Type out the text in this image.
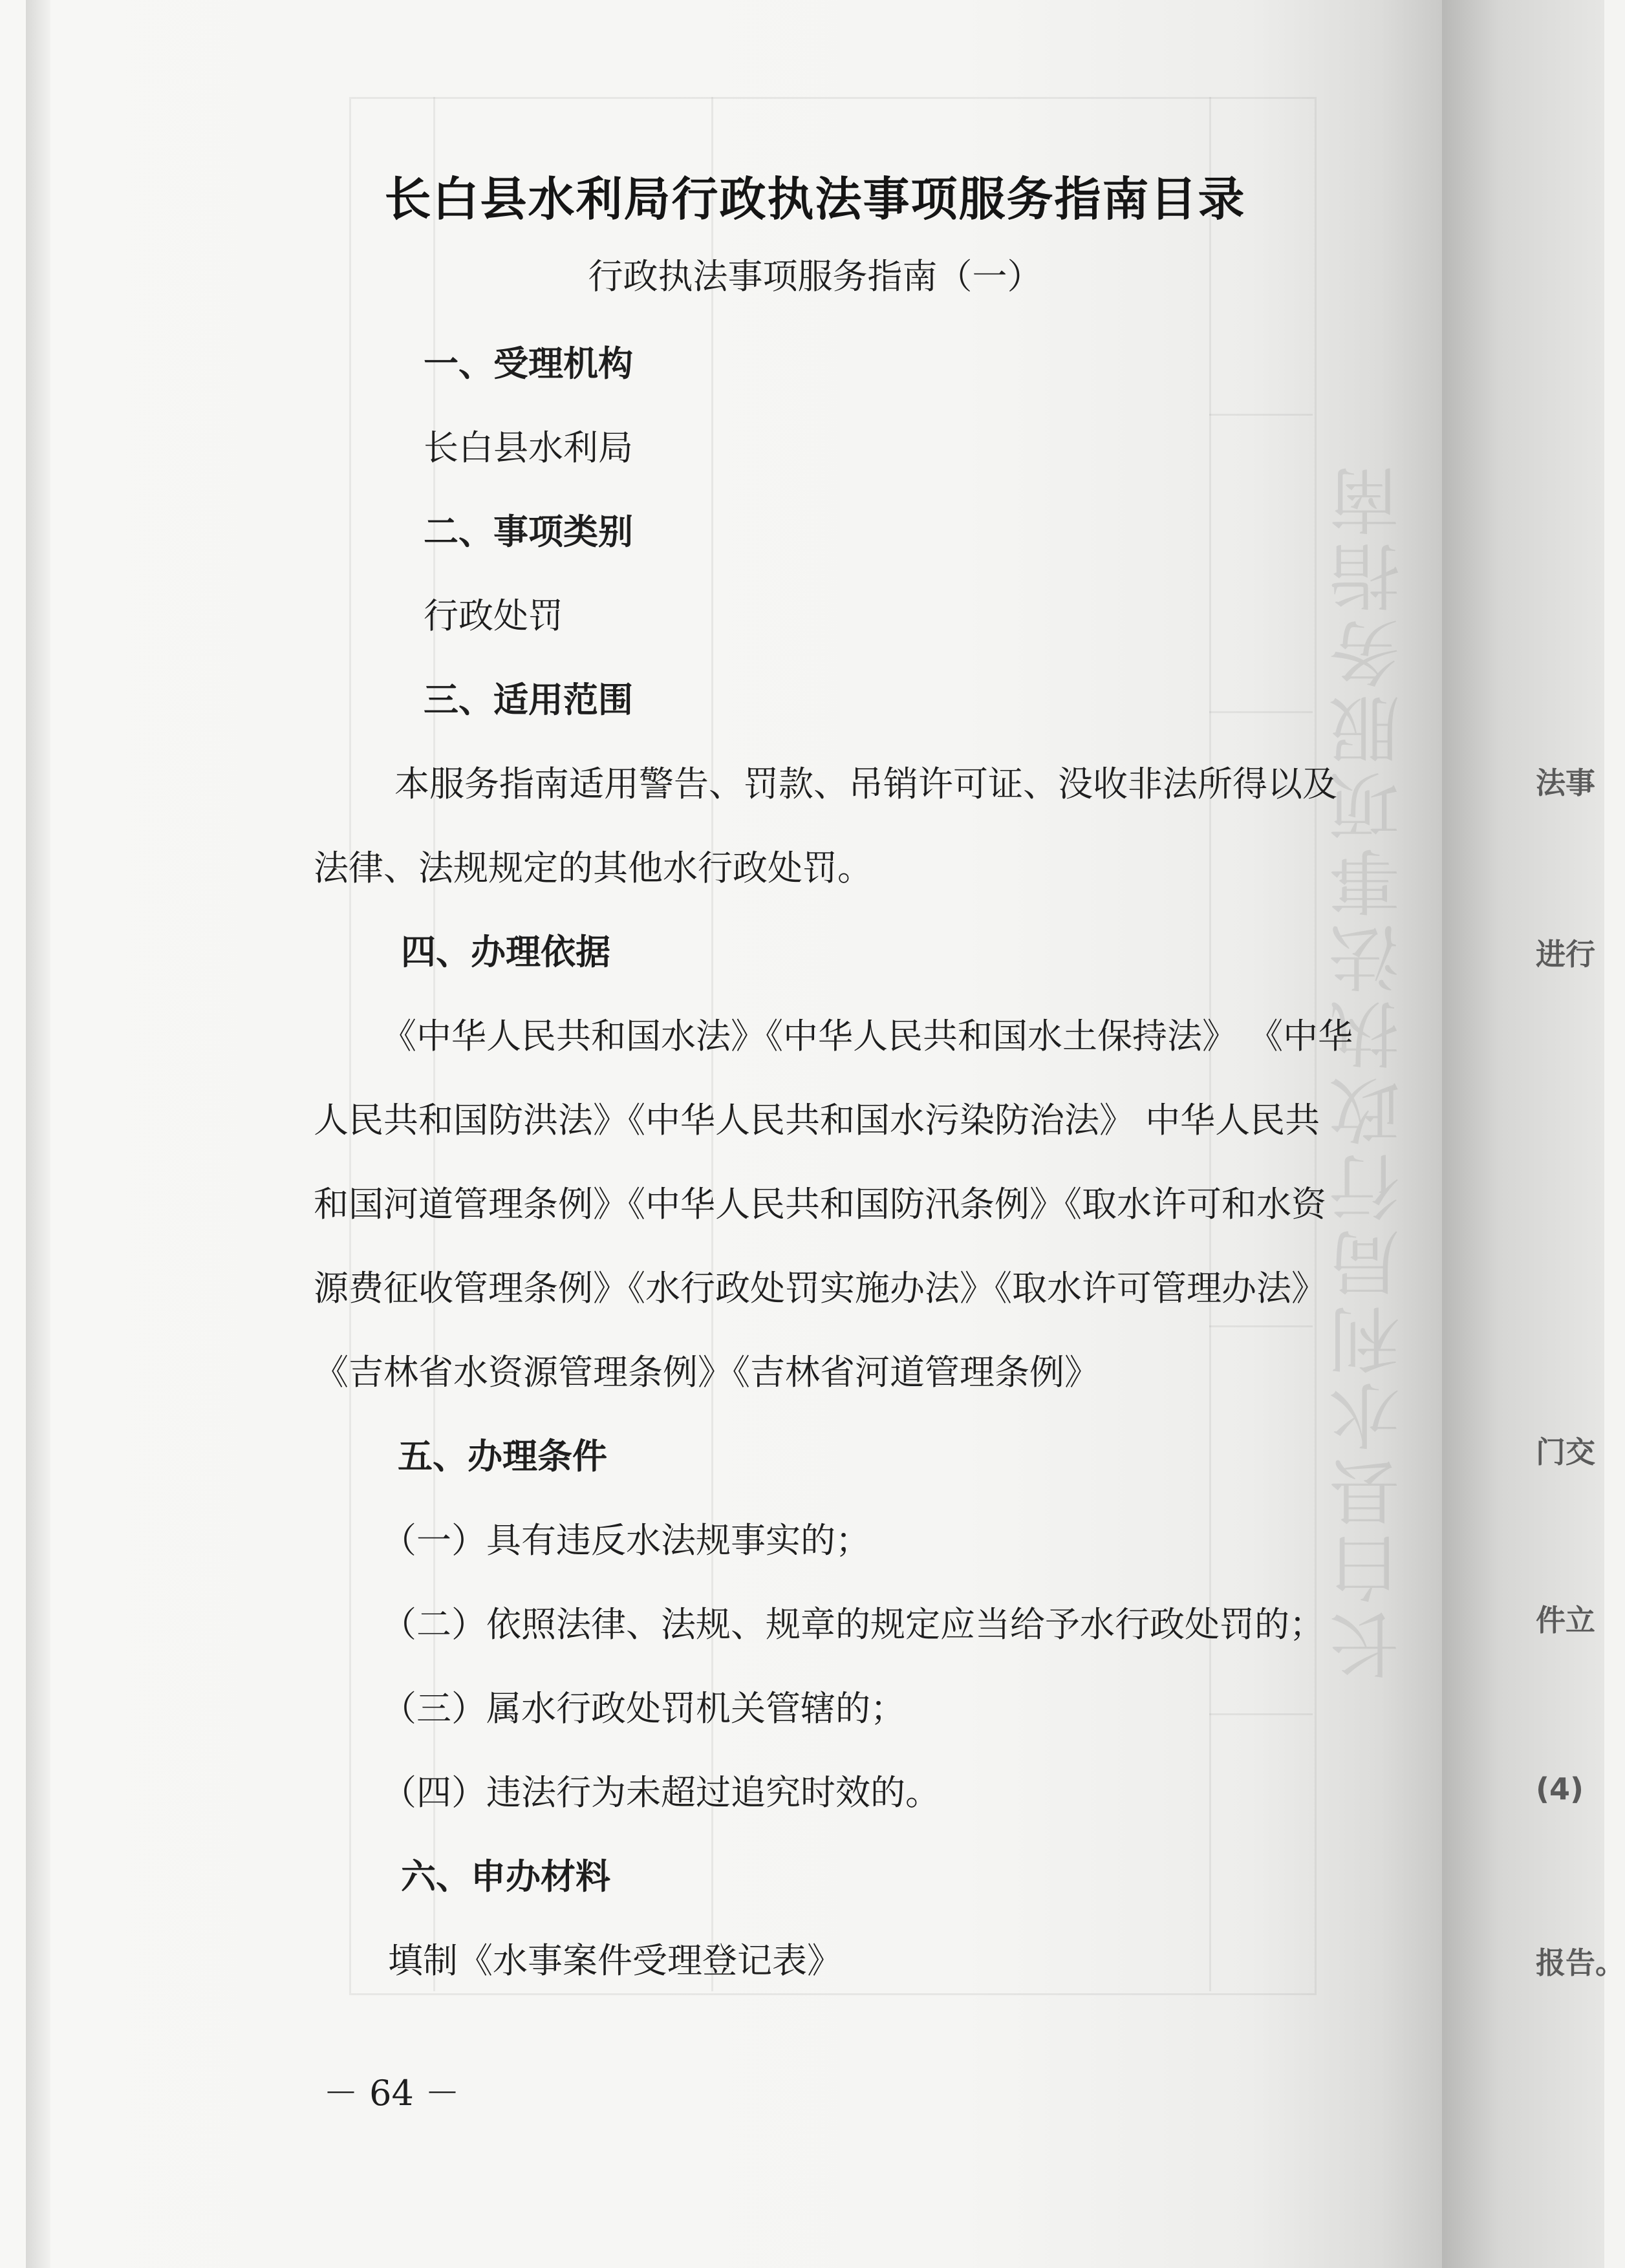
长白县水利局行政执法事项服务指南	法事
进行
门交
件立
(4)
报告。
长白县水利局行政执法事项服务指南目录
行政执法事项服务指南（一）
一、受理机构
长白县水利局
二、事项类别
行政处罚
三、适用范围
本服务指南适用警告、罚款、吊销许可证、没收非法所得以及
法律、法规规定的其他水行政处罚。
四、办理依据
《中华人民共和国水法》《中华人民共和国水土保持法》 《中华
人民共和国防洪法》《中华人民共和国水污染防治法》 中华人民共
和国河道管理条例》《中华人民共和国防汛条例》《取水许可和水资
源费征收管理条例》《水行政处罚实施办法》《取水许可管理办法》
《吉林省水资源管理条例》《吉林省河道管理条例》
五、办理条件
（一）具有违反水法规事实的；
（二）依照法律、法规、规章的规定应当给予水行政处罚的；
（三）属水行政处罚机关管辖的；
（四）违法行为未超过追究时效的。
六、申办材料
填制《水事案件受理登记表》
－ 64 －
